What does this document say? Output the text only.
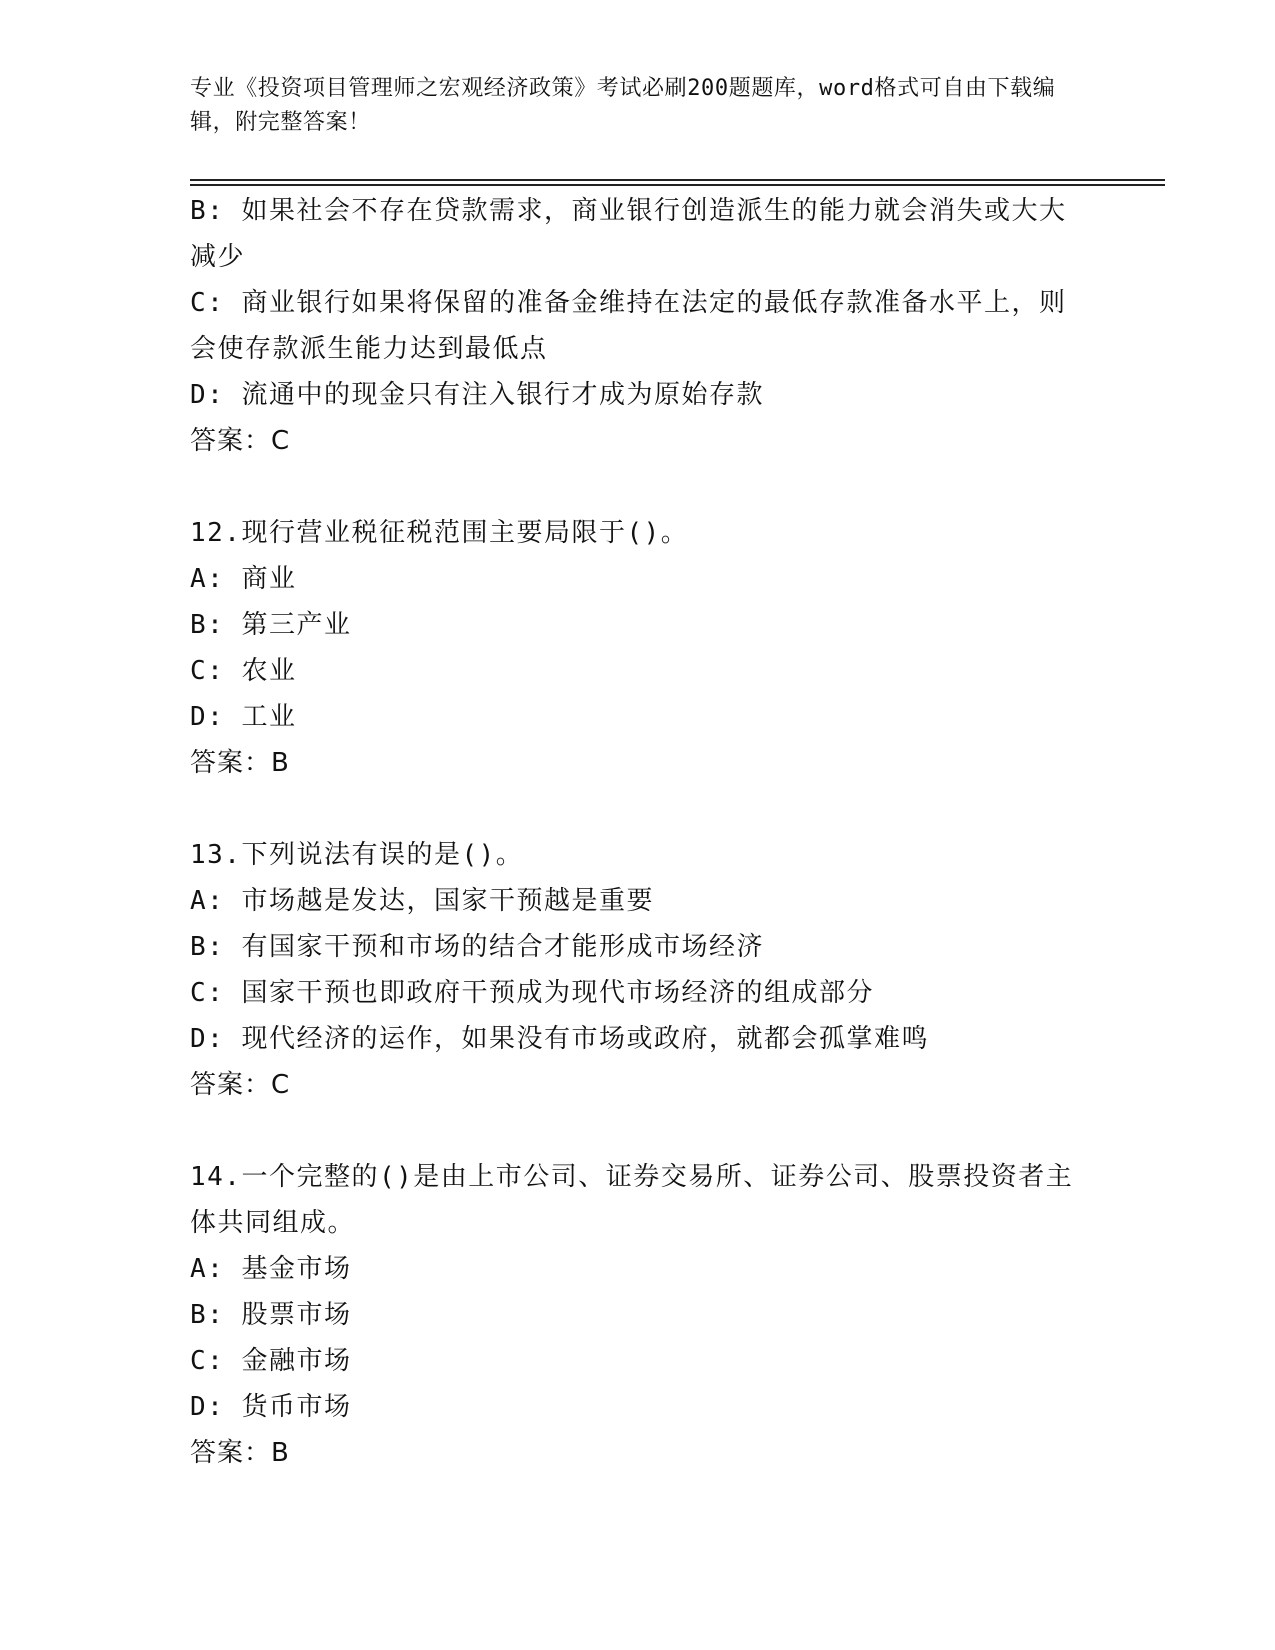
专业《投资项目管理师之宏观经济政策》考试必刷200题题库，word格式可自由下载编辑，附完整答案！
B: 如果社会不存在贷款需求，商业银行创造派生的能力就会消失或大大减少
C: 商业银行如果将保留的准备金维持在法定的最低存款准备水平上，则会使存款派生能力达到最低点
D: 流通中的现金只有注入银行才成为原始存款
答案：C
12.现行营业税征税范围主要局限于()。
A: 商业
B: 第三产业
C: 农业
D: 工业
答案：B
13.下列说法有误的是()。
A: 市场越是发达，国家干预越是重要
B: 有国家干预和市场的结合才能形成市场经济
C: 国家干预也即政府干预成为现代市场经济的组成部分
D: 现代经济的运作，如果没有市场或政府，就都会孤掌难鸣
答案：C
14.一个完整的()是由上市公司、证券交易所、证券公司、股票投资者主体共同组成。
A: 基金市场
B: 股票市场
C: 金融市场
D: 货币市场
答案：B
